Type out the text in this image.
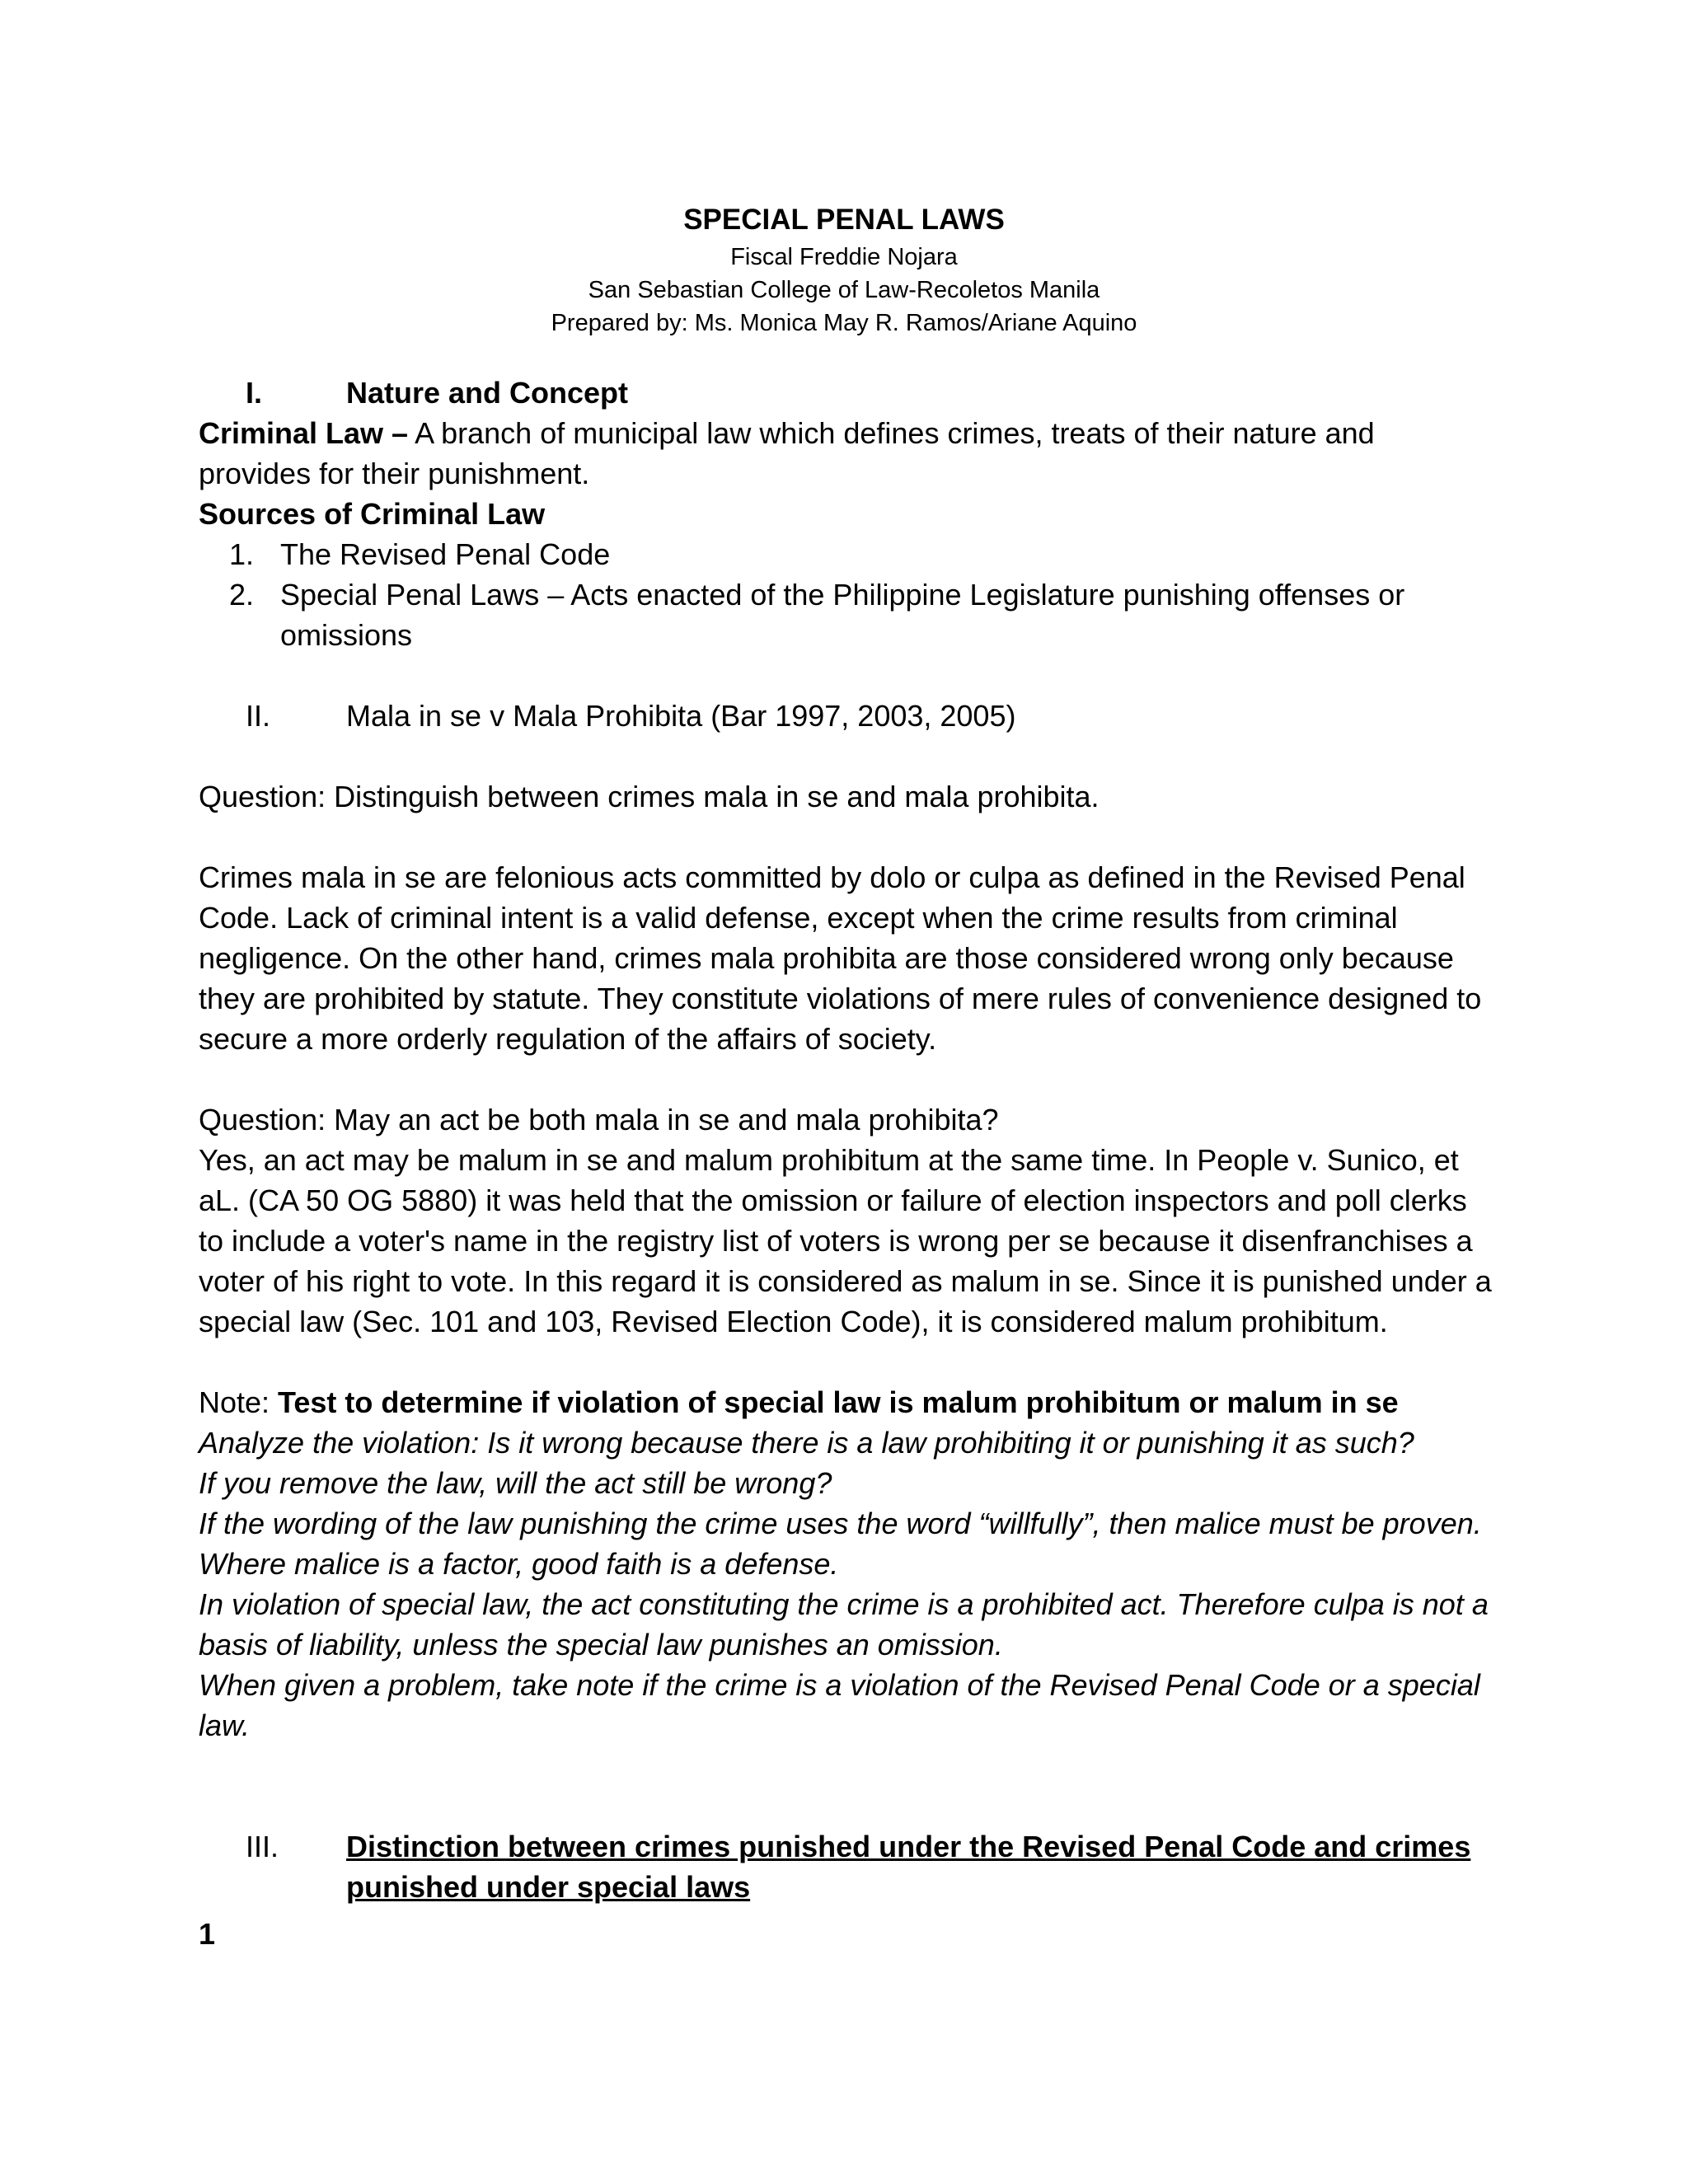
SPECIAL PENAL LAWS
Fiscal Freddie Nojara
San Sebastian College of Law-Recoletos Manila
Prepared by: Ms. Monica May R. Ramos/Ariane Aquino
I.	Nature and Concept
Criminal Law – A branch of municipal law which defines crimes, treats of their nature and provides for their punishment.
Sources of Criminal Law
1. The Revised Penal Code
2. Special Penal Laws – Acts enacted of the Philippine Legislature punishing offenses or omissions
II.	Mala in se v Mala Prohibita (Bar 1997, 2003, 2005)
Question: Distinguish between crimes mala in se and mala prohibita.
Crimes mala in se are felonious acts committed by dolo or culpa as defined in the Revised Penal Code. Lack of criminal intent is a valid defense, except when the crime results from criminal negligence. On the other hand, crimes mala prohibita are those considered wrong only because they are prohibited by statute. They constitute violations of mere rules of convenience designed to secure a more orderly regulation of the affairs of society.
Question: May an act be both mala in se and mala prohibita?
Yes, an act may be malum in se and malum prohibitum at the same time. In People v. Sunico, et aL. (CA 50 OG 5880) it was held that the omission or failure of election inspectors and poll clerks to include a voter's name in the registry list of voters is wrong per se because it disenfranchises a voter of his right to vote. In this regard it is considered as malum in se. Since it is punished under a special law (Sec. 101 and 103, Revised Election Code), it is considered malum prohibitum.
Note: Test to determine if violation of special law is malum prohibitum or malum in se
Analyze the violation: Is it wrong because there is a law prohibiting it or punishing it as such?
If you remove the law, will the act still be wrong?
If the wording of the law punishing the crime uses the word “willfully”, then malice must be proven. Where malice is a factor, good faith is a defense.
In violation of special law, the act constituting the crime is a prohibited act. Therefore culpa is not a basis of liability, unless the special law punishes an omission.
When given a problem, take note if the crime is a violation of the Revised Penal Code or a special law.
III. Distinction between crimes punished under the Revised Penal Code and crimes punished under special laws
1
